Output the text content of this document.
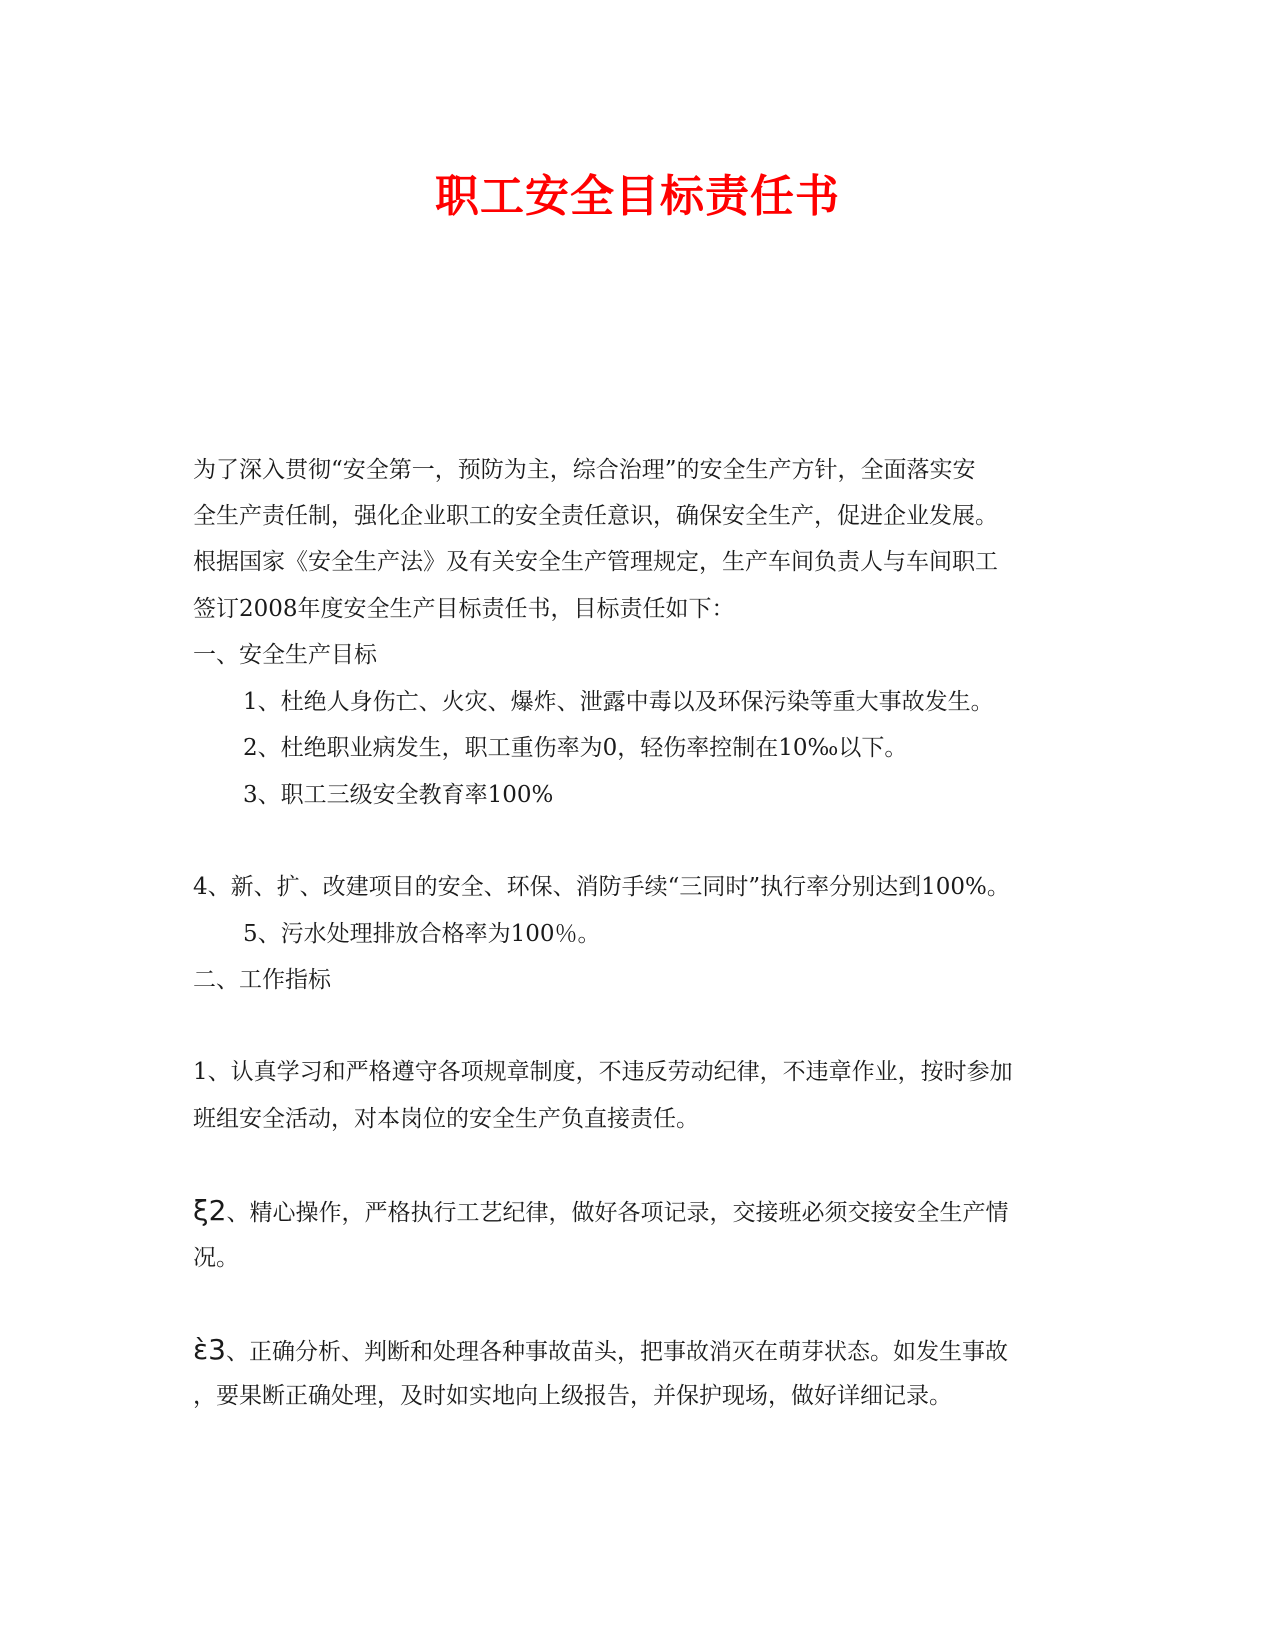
职工安全目标责任书

为了深入贯彻“安全第一，预防为主，综合治理”的安全生产方针，全面落实安

全生产责任制，强化企业职工的安全责任意识，确保安全生产，促进企业发展。

根据国家《安全生产法》及有关安全生产管理规定，生产车间负责人与车间职工

签订2008年度安全生产目标责任书，目标责任如下：

一、安全生产目标

1、杜绝人身伤亡、火灾、爆炸、泄露中毒以及环保污染等重大事故发生。

2、杜绝职业病发生，职工重伤率为0，轻伤率控制在10‰以下。

3、职工三级安全教育率100%

4、新、扩、改建项目的安全、环保、消防手续“三同时”执行率分别达到100%。

5、污水处理排放合格率为100％。

二、工作指标

1、认真学习和严格遵守各项规章制度，不违反劳动纪律，不违章作业，按时参加

班组安全活动，对本岗位的安全生产负直接责任。

ξ2、精心操作，严格执行工艺纪律，做好各项记录，交接班必须交接安全生产情

况。

ὲ3、正确分析、判断和处理各种事故苗头，把事故消灭在萌芽状态。如发生事故

，要果断正确处理，及时如实地向上级报告，并保护现场，做好详细记录。
